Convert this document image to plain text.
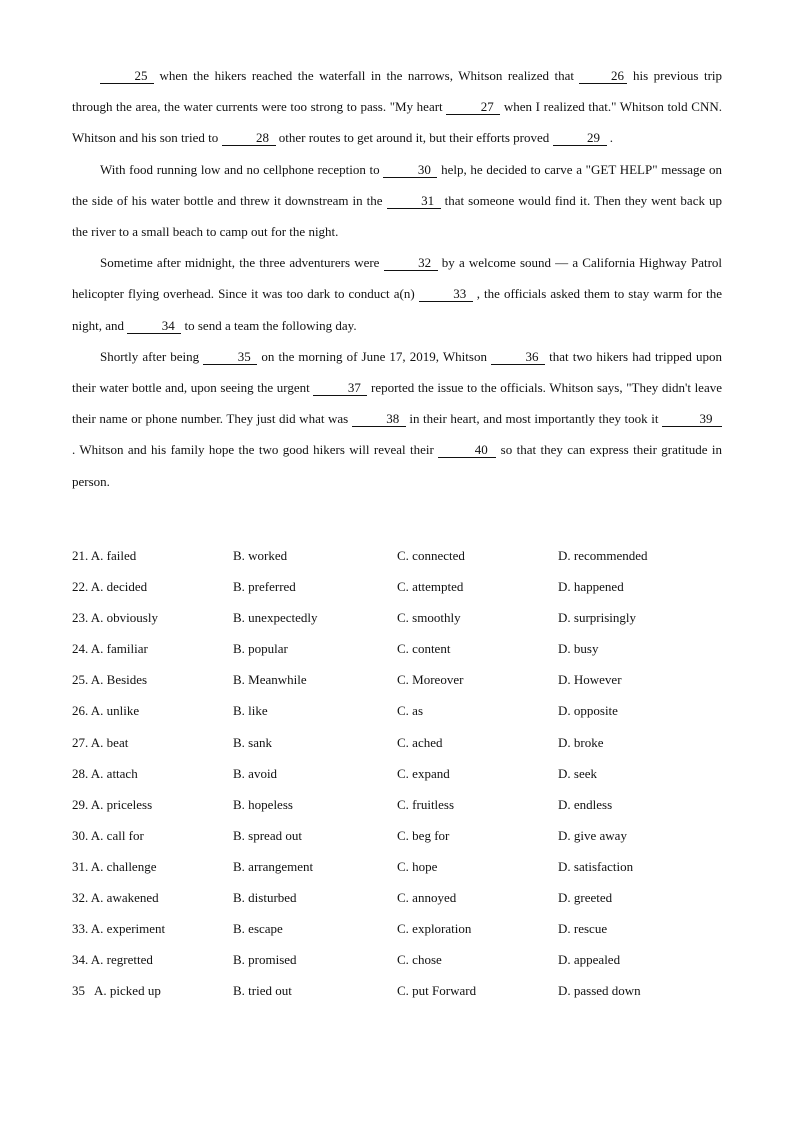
25 when the hikers reached the waterfall in the narrows, Whitson realized that 26 his previous trip through the area, the water currents were too strong to pass. "My heart	27 when I realized that." Whitson told CNN. Whitson and his son tried to	28 other routes to get around it, but their efforts proved	29 .

With food running low and no cellphone reception to	30 help, he decided to carve a "GET HELP" message on the side of his water bottle and threw it downstream in the	31 that someone would find it. Then they went back up the river to a small beach to camp out for the night.

Sometime after midnight, the three adventurers were	32 by a welcome sound — a California Highway Patrol helicopter flying overhead. Since it was too dark to conduct a(n)	33 , the officials asked them to stay warm for the night, and	34 to send a team the following day.

Shortly after being	35 on the morning of June 17, 2019, Whitson	36 that two hikers had tripped upon their water bottle and, upon seeing the urgent	37 reported the issue to the officials. Whitson says, "They didn't leave their name or phone number. They just did what was	38 in their heart, and most importantly they took it	39 . Whitson and his family hope the two good hikers will reveal their	40 so that they can express their gratitude in person.

21. A. failed	B. worked	C. connected	D. recommended
22. A. decided	B. preferred	C. attempted	D. happened
23. A. obviously	B. unexpectedly	C. smoothly	D. surprisingly
24. A. familiar	B. popular	C. content	D. busy
25. A. Besides	B. Meanwhile	C. Moreover	D. However
26. A. unlike	B. like	C. as	D. opposite
27. A. beat	B. sank	C. ached	D. broke
28. A. attach	B. avoid	C. expand	D. seek
29. A. priceless	B. hopeless	C. fruitless	D. endless
30. A. call for	B. spread out	C. beg for	D. give away
31. A. challenge	B. arrangement	C. hope	D. satisfaction
32. A. awakened	B. disturbed	C. annoyed	D. greeted
33. A. experiment	B. escape	C. exploration	D. rescue
34. A. regretted	B. promised	C. chose	D. appealed
35   A. picked up	B. tried out	C. put Forward	D. passed down
